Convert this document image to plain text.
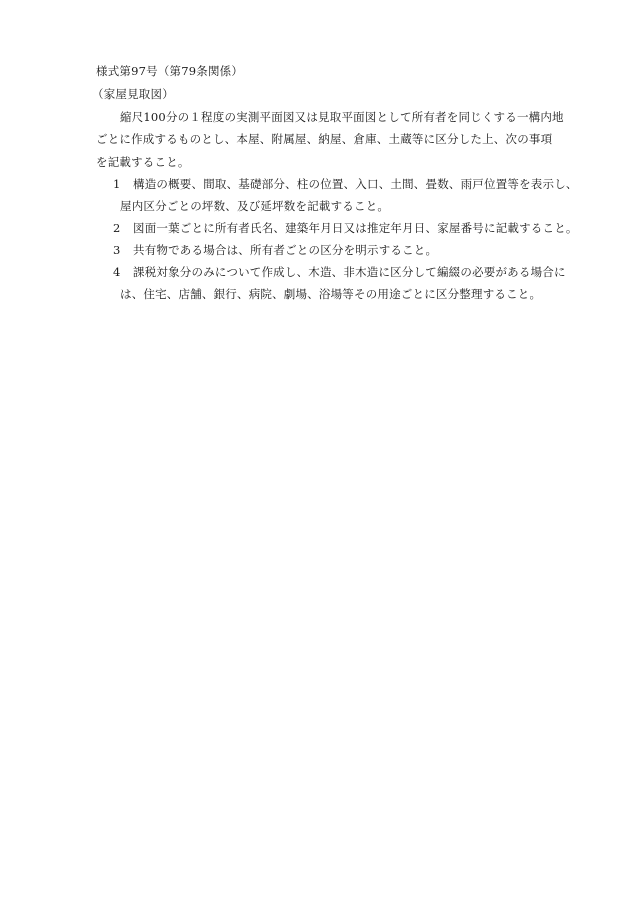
様式第97号（第79条関係）
（家屋見取図）
縮尺100分の１程度の実測平面図又は見取平面図として所有者を同じくする一構内地
ごとに作成するものとし、本屋、附属屋、納屋、倉庫、土蔵等に区分した上、次の事項
を記載すること。
1 構造の概要、間取、基礎部分、柱の位置、入口、土間、畳数、雨戸位置等を表示し、
屋内区分ごとの坪数、及び延坪数を記載すること。
2 図面一葉ごとに所有者氏名、建築年月日又は推定年月日、家屋番号に記載すること。
3 共有物である場合は、所有者ごとの区分を明示すること。
4 課税対象分のみについて作成し、木造、非木造に区分して編綴の必要がある場合に
は、住宅、店舗、銀行、病院、劇場、浴場等その用途ごとに区分整理すること。
